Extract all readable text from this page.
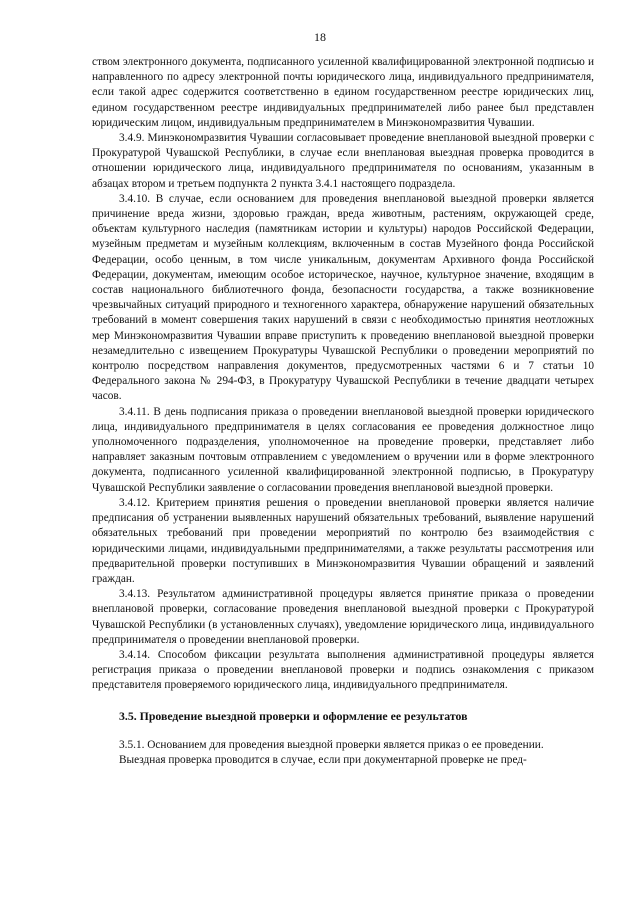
18

ством электронного документа, подписанного усиленной квалифицированной электронной подписью и направленного по адресу электронной почты юридического лица, индивидуального предпринимателя, если такой адрес содержится соответственно в едином государственном реестре юридических лиц, едином государственном реестре индивидуальных предпринимателей либо ранее был представлен юридическим лицом, индивидуальным предпринимателем в Минэкономразвития Чувашии.

3.4.9. Минэкономразвития Чувашии согласовывает проведение внеплановой выездной проверки с Прокуратурой Чувашской Республики, в случае если внеплановая выездная проверка проводится в отношении юридического лица, индивидуального предпринимателя по основаниям, указанным в абзацах втором и третьем подпункта 2 пункта 3.4.1 настоящего подраздела.

3.4.10. В случае, если основанием для проведения внеплановой выездной проверки является причинение вреда жизни, здоровью граждан, вреда животным, растениям, окружающей среде, объектам культурного наследия (памятникам истории и культуры) народов Российской Федерации, музейным предметам и музейным коллекциям, включенным в состав Музейного фонда Российской Федерации, особо ценным, в том числе уникальным, документам Архивного фонда Российской Федерации, документам, имеющим особое историческое, научное, культурное значение, входящим в состав национального библиотечного фонда, безопасности государства, а также возникновение чрезвычайных ситуаций природного и техногенного характера, обнаружение нарушений обязательных требований в момент совершения таких нарушений в связи с необходимостью принятия неотложных мер Минэкономразвития Чувашии вправе приступить к проведению внеплановой выездной проверки незамедлительно с извещением Прокуратуры Чувашской Республики о проведении мероприятий по контролю посредством направления документов, предусмотренных частями 6 и 7 статьи 10 Федерального закона № 294-ФЗ, в Прокуратуру Чувашской Республики в течение двадцати четырех часов.

3.4.11. В день подписания приказа о проведении внеплановой выездной проверки юридического лица, индивидуального предпринимателя в целях согласования ее проведения должностное лицо уполномоченного подразделения, уполномоченное на проведение проверки, представляет либо направляет заказным почтовым отправлением с уведомлением о вручении или в форме электронного документа, подписанного усиленной квалифицированной электронной подписью, в Прокуратуру Чувашской Республики заявление о согласовании проведения внеплановой выездной проверки.

3.4.12. Критерием принятия решения о проведении внеплановой проверки является наличие предписания об устранении выявленных нарушений обязательных требований, выявление нарушений обязательных требований при проведении мероприятий по контролю без взаимодействия с юридическими лицами, индивидуальными предпринимателями, а также результаты рассмотрения или предварительной проверки поступивших в Минэкономразвития Чувашии обращений и заявлений граждан.

3.4.13. Результатом административной процедуры является принятие приказа о проведении внеплановой проверки, согласование проведения внеплановой выездной проверки с Прокуратурой Чувашской Республики (в установленных случаях), уведомление юридического лица, индивидуального предпринимателя о проведении внеплановой проверки.

3.4.14. Способом фиксации результата выполнения административной процедуры является регистрация приказа о проведении внеплановой проверки и подпись ознакомления с приказом представителя проверяемого юридического лица, индивидуального предпринимателя.

3.5. Проведение выездной проверки и оформление ее результатов

3.5.1. Основанием для проведения выездной проверки является приказ о ее проведении.

Выездная проверка проводится в случае, если при документарной проверке не пред-
